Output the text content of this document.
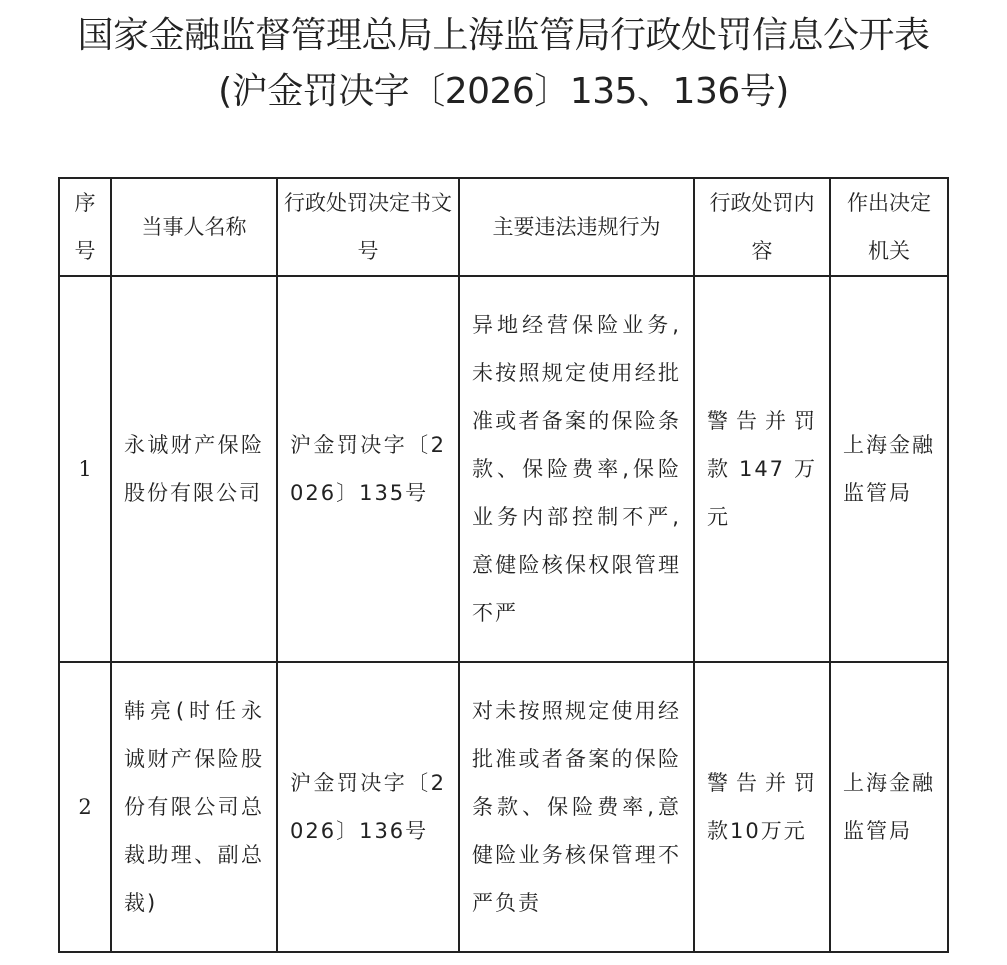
国家金融监督管理总局上海监管局行政处罚信息公开表
(沪金罚决字〔2026〕135、136号)
序号	当事人名称	行政处罚决定书文号	主要违法违规行为	行政处罚内容	作出决定机关
1	永诚财产保险股份有限公司	沪金罚决字〔2026〕135号	异地经营保险业务,未按照规定使用经批准或者备案的保险条款、保险费率,保险业务内部控制不严,意健险核保权限管理不严	警告并罚款147万元	上海金融监管局
2	韩亮(时任永诚财产保险股份有限公司总裁助理、副总裁)	沪金罚决字〔2026〕136号	对未按照规定使用经批准或者备案的保险条款、保险费率,意健险业务核保管理不严负责	警告并罚款10万元	上海金融监管局
